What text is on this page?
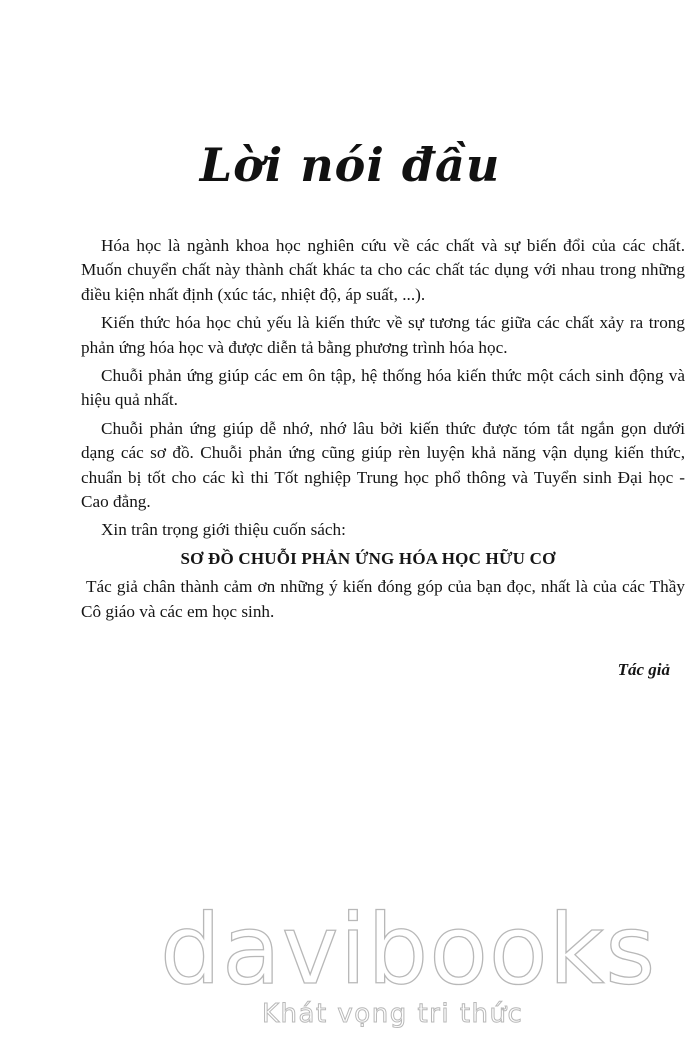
Lời nói đầu

Hóa học là ngành khoa học nghiên cứu về các chất và sự biến đổi của các chất. Muốn chuyển chất này thành chất khác ta cho các chất tác dụng với nhau trong những điều kiện nhất định (xúc tác, nhiệt độ, áp suất, ...).

Kiến thức hóa học chủ yếu là kiến thức về sự tương tác giữa các chất xảy ra trong phản ứng hóa học và được diễn tả bằng phương trình hóa học.

Chuỗi phản ứng giúp các em ôn tập, hệ thống hóa kiến thức một cách sinh động và hiệu quả nhất.

Chuỗi phản ứng giúp dễ nhớ, nhớ lâu bởi kiến thức được tóm tắt ngắn gọn dưới dạng các sơ đồ. Chuỗi phản ứng cũng giúp rèn luyện khả năng vận dụng kiến thức, chuẩn bị tốt cho các kì thi Tốt nghiệp Trung học phổ thông và Tuyển sinh Đại học - Cao đẳng.

Xin trân trọng giới thiệu cuốn sách:

SƠ ĐỒ CHUỖI PHẢN ỨNG HÓA HỌC HỮU CƠ

Tác giả chân thành cảm ơn những ý kiến đóng góp của bạn đọc, nhất là của các Thầy Cô giáo và các em học sinh.

Tác giả
davibooks
Khát vọng tri thức
